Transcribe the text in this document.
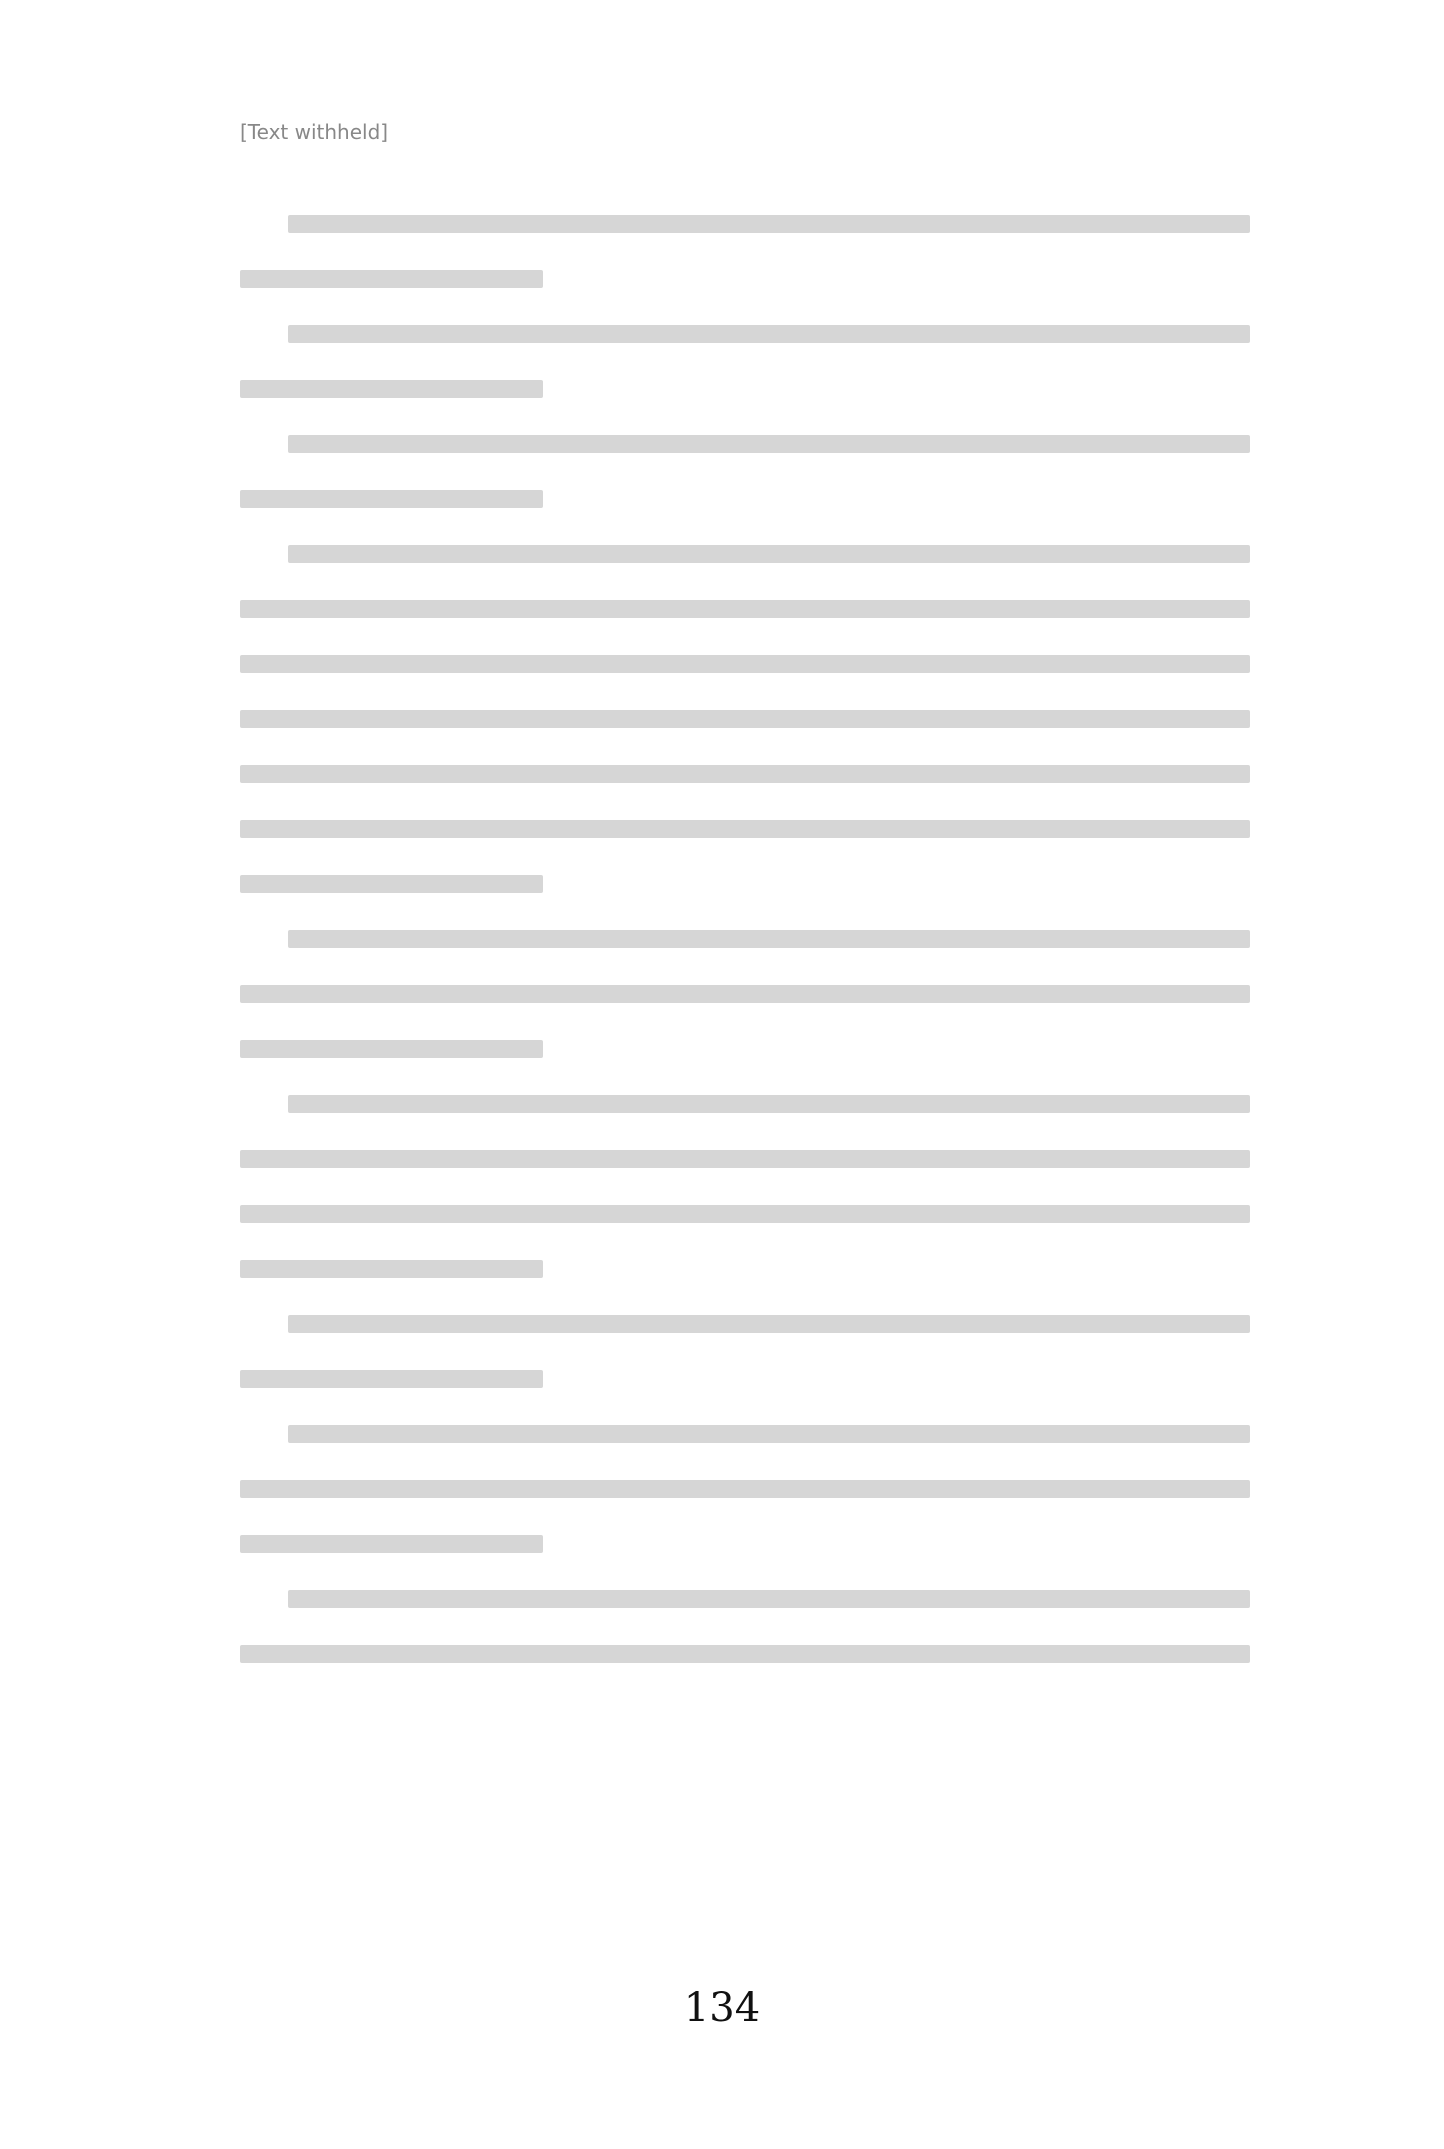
[Text withheld]
134
